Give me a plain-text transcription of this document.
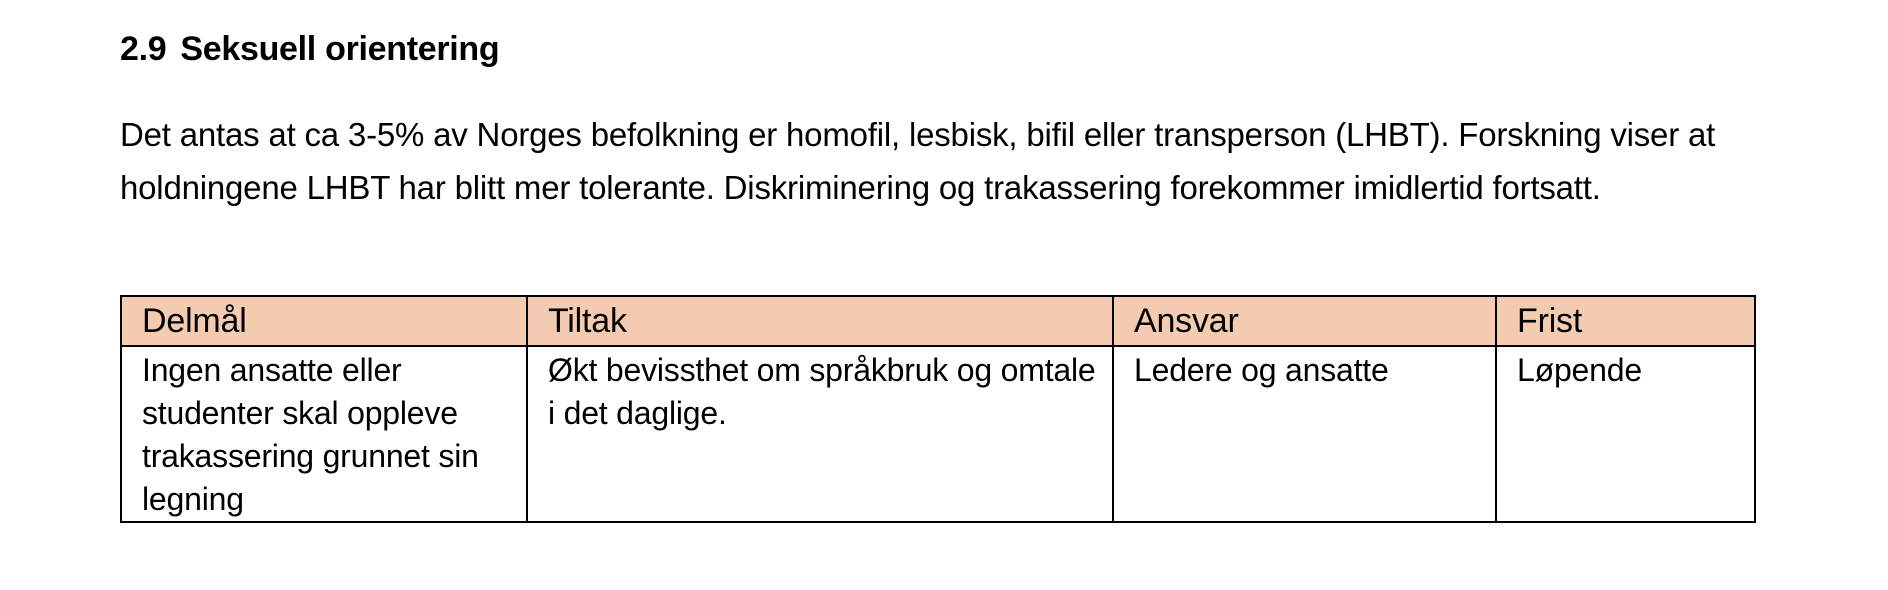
2.9 Seksuell orientering
Det antas at ca 3-5% av Norges befolkning er homofil, lesbisk, bifil eller transperson (LHBT). Forskning viser at holdningene LHBT har blitt mer tolerante. Diskriminering og trakassering forekommer imidlertid fortsatt.
Delmål	Tiltak	Ansvar	Frist
Ingen ansatte eller studenter skal oppleve trakassering grunnet sin legning	Økt bevissthet om språkbruk og omtale i det daglige.	Ledere og ansatte	Løpende
